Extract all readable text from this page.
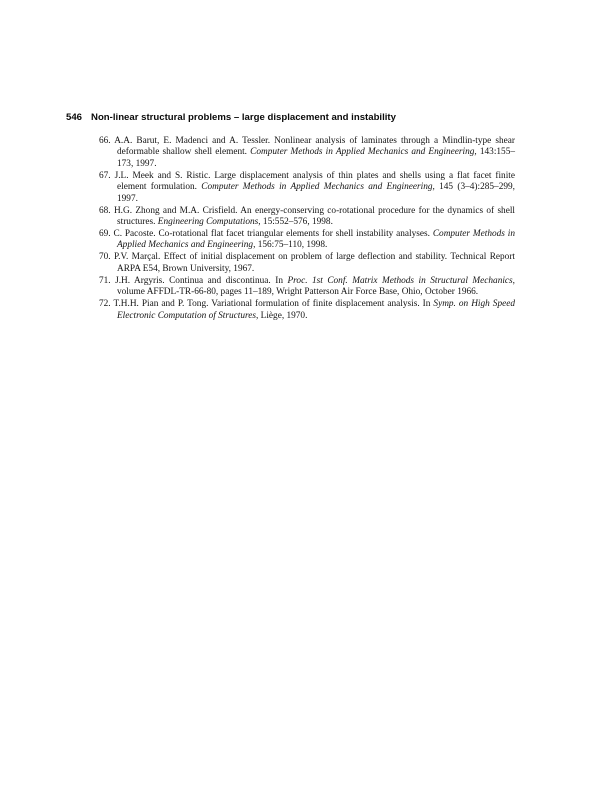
546 Non-linear structural problems – large displacement and instability

66. A.A. Barut, E. Madenci and A. Tessler. Nonlinear analysis of laminates through a Mindlin-type shear deformable shallow shell element. Computer Methods in Applied Mechanics and Engineering, 143:155–173, 1997.

67. J.L. Meek and S. Ristic. Large displacement analysis of thin plates and shells using a flat facet finite element formulation. Computer Methods in Applied Mechanics and Engineering, 145 (3–4):285–299, 1997.

68. H.G. Zhong and M.A. Crisfield. An energy-conserving co-rotational procedure for the dynamics of shell structures. Engineering Computations, 15:552–576, 1998.

69. C. Pacoste. Co-rotational flat facet triangular elements for shell instability analyses. Computer Methods in Applied Mechanics and Engineering, 156:75–110, 1998.

70. P.V. Marçal. Effect of initial displacement on problem of large deflection and stability. Technical Report ARPA E54, Brown University, 1967.

71. J.H. Argyris. Continua and discontinua. In Proc. 1st Conf. Matrix Methods in Structural Mechanics, volume AFFDL-TR-66-80, pages 11–189, Wright Patterson Air Force Base, Ohio, October 1966.

72. T.H.H. Pian and P. Tong. Variational formulation of finite displacement analysis. In Symp. on High Speed Electronic Computation of Structures, Liège, 1970.
